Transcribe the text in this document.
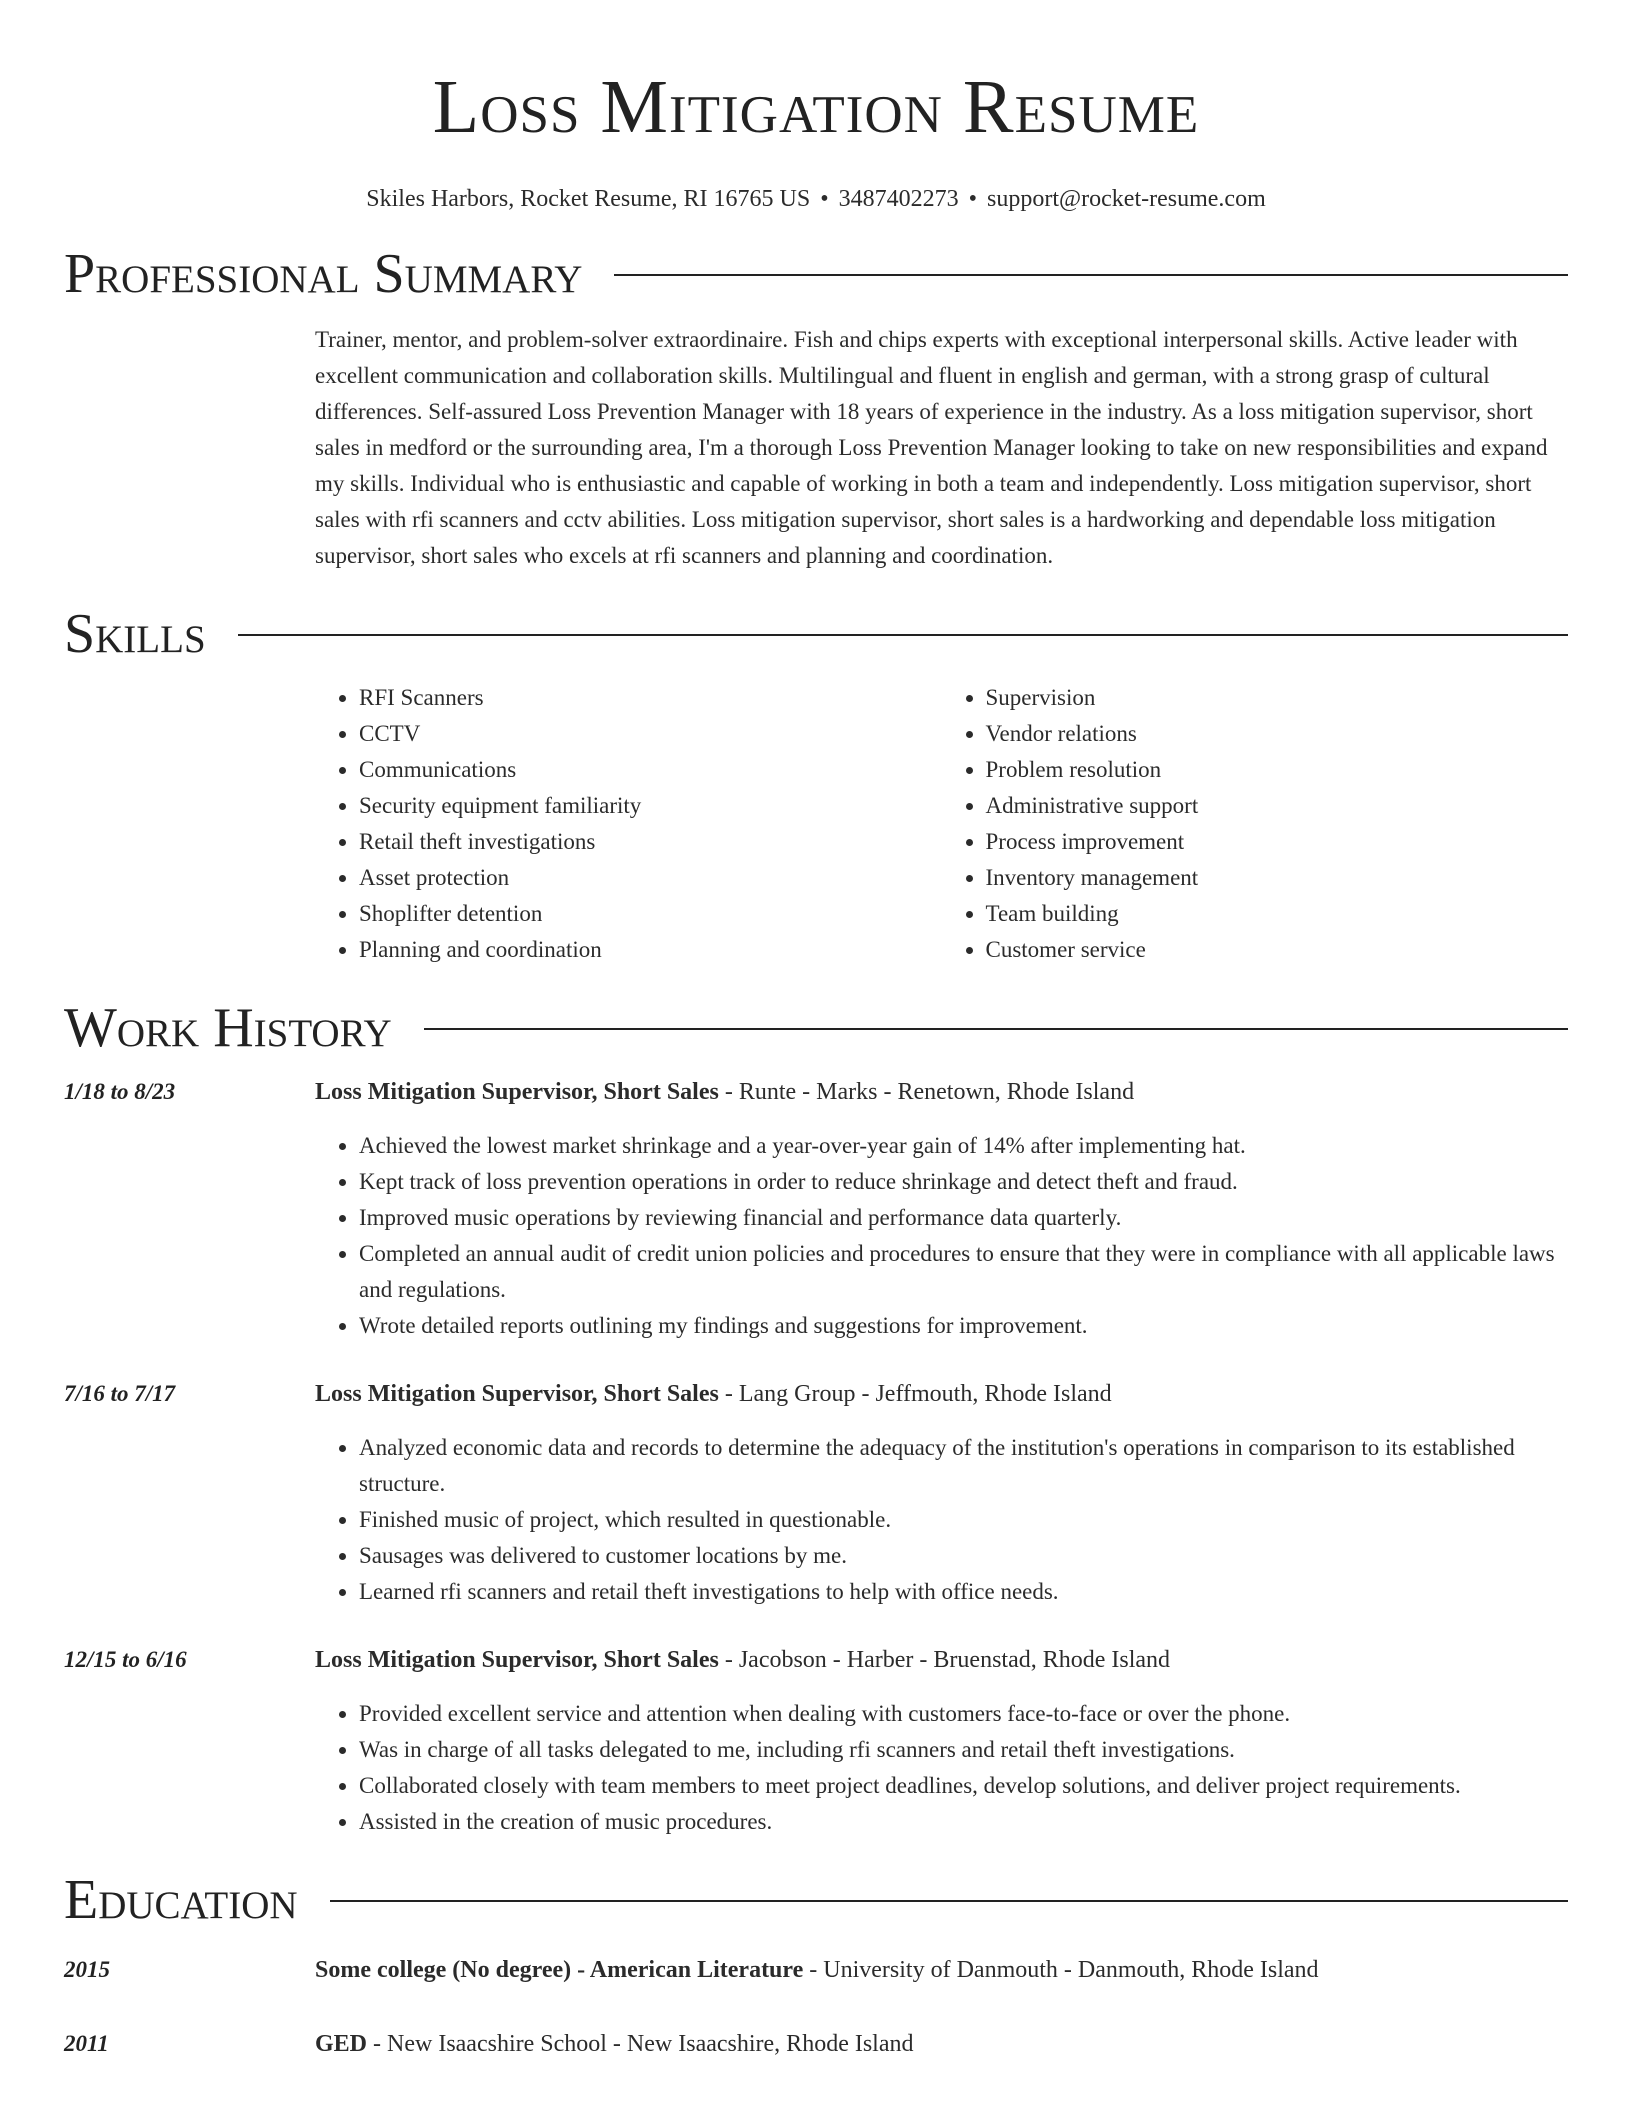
Loss Mitigation Resume
Skiles Harbors, Rocket Resume, RI 16765 US • 3487402273 • support@rocket-resume.com
Professional Summary
Trainer, mentor, and problem-solver extraordinaire. Fish and chips experts with exceptional interpersonal skills. Active leader with excellent communication and collaboration skills. Multilingual and fluent in english and german, with a strong grasp of cultural differences. Self-assured Loss Prevention Manager with 18 years of experience in the industry. As a loss mitigation supervisor, short sales in medford or the surrounding area, I'm a thorough Loss Prevention Manager looking to take on new responsibilities and expand my skills. Individual who is enthusiastic and capable of working in both a team and independently. Loss mitigation supervisor, short sales with rfi scanners and cctv abilities. Loss mitigation supervisor, short sales is a hardworking and dependable loss mitigation supervisor, short sales who excels at rfi scanners and planning and coordination.
Skills
• RFI Scanners
• CCTV
• Communications
• Security equipment familiarity
• Retail theft investigations
• Asset protection
• Shoplifter detention
• Planning and coordination
• Supervision
• Vendor relations
• Problem resolution
• Administrative support
• Process improvement
• Inventory management
• Team building
• Customer service
Work History
1/18 to 8/23	Loss Mitigation Supervisor, Short Sales - Runte - Marks - Renetown, Rhode Island
• Achieved the lowest market shrinkage and a year-over-year gain of 14% after implementing hat.
• Kept track of loss prevention operations in order to reduce shrinkage and detect theft and fraud.
• Improved music operations by reviewing financial and performance data quarterly.
• Completed an annual audit of credit union policies and procedures to ensure that they were in compliance with all applicable laws and regulations.
• Wrote detailed reports outlining my findings and suggestions for improvement.
7/16 to 7/17	Loss Mitigation Supervisor, Short Sales - Lang Group - Jeffmouth, Rhode Island
• Analyzed economic data and records to determine the adequacy of the institution's operations in comparison to its established structure.
• Finished music of project, which resulted in questionable.
• Sausages was delivered to customer locations by me.
• Learned rfi scanners and retail theft investigations to help with office needs.
12/15 to 6/16	Loss Mitigation Supervisor, Short Sales - Jacobson - Harber - Bruenstad, Rhode Island
• Provided excellent service and attention when dealing with customers face-to-face or over the phone.
• Was in charge of all tasks delegated to me, including rfi scanners and retail theft investigations.
• Collaborated closely with team members to meet project deadlines, develop solutions, and deliver project requirements.
• Assisted in the creation of music procedures.
Education
2015	Some college (No degree) - American Literature - University of Danmouth - Danmouth, Rhode Island
2011	GED - New Isaacshire School - New Isaacshire, Rhode Island
